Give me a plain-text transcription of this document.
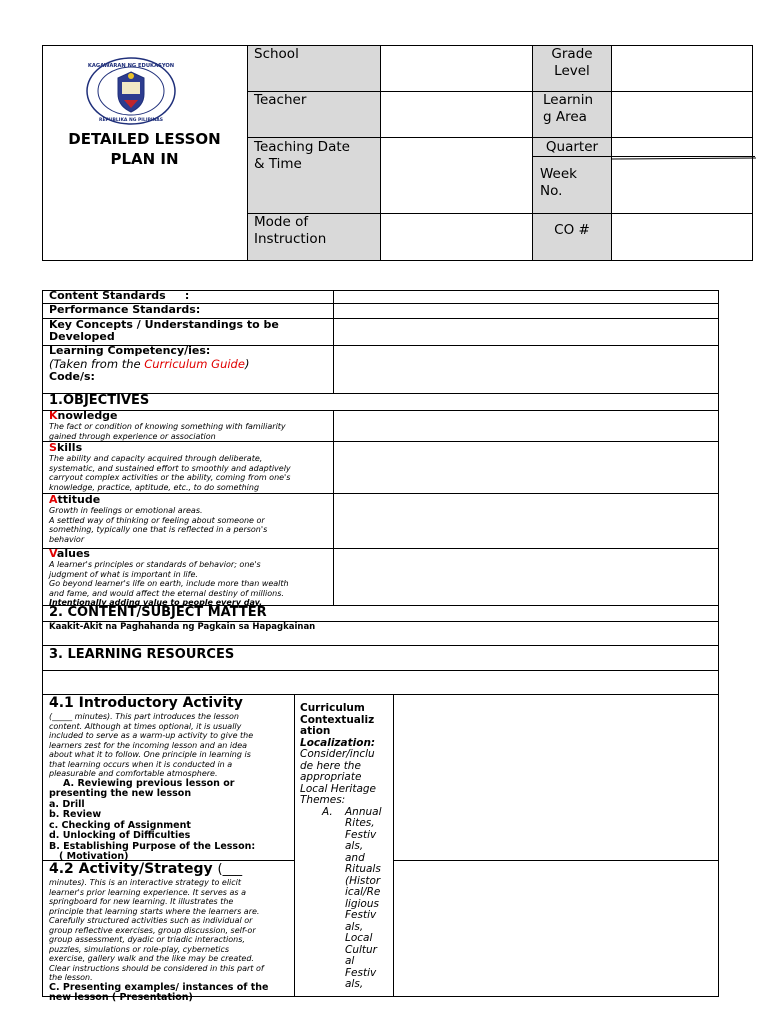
KAGAWARAN NG EDUKASYON
REPUBLIKA NG PILIPINAS
DETAILED LESSON
PLAN IN
School
Teacher
Teaching Date
& Time
Mode of
Instruction
Grade
Level
Learnin
g Area
Quarter
Week
No.
CO #
Content Standards     :
Performance Standards:
Key Concepts / Understandings to be
Developed
Learning Competency/ies:
(Taken from the Curriculum Guide)
Code/s:
1.OBJECTIVES
Knowledge
The fact or condition of knowing something with familiarity
gained through experience or association
Skills
The ability and capacity acquired through deliberate,
systematic, and sustained effort to smoothly and adaptively
carryout complex activities or the ability, coming from one's
knowledge, practice, aptitude, etc., to do something
Attitude
Growth in feelings or emotional areas.
A settled way of thinking or feeling about someone or
something, typically one that is reflected in a person's
behavior
Values
A learner's principles or standards of behavior; one's
judgment of what is important in life.
Go beyond learner's life on earth, include more than wealth
and fame, and would affect the eternal destiny of millions.
Intentionally adding value to people every day.
2. CONTENT/SUBJECT MATTER
Kaakit-Akit na Paghahanda ng Pagkain sa Hapagkainan
3. LEARNING RESOURCES
4.1 Introductory Activity
(_____ minutes). This part introduces the lesson
content. Although at times optional, it is usually
included to serve as a warm-up activity to give the
learners zest for the incoming lesson and an idea
about what it to follow. One principle in learning is
that learning occurs when it is conducted in a
pleasurable and comfortable atmosphere.
A. Reviewing previous lesson or
presenting the new lesson
a. Drill
b. Review
c. Checking of Assignment
d. Unlocking of Difficulties
B. Establishing Purpose of the Lesson:
( Motivation)
4.2 Activity/Strategy (___
minutes). This is an interactive strategy to elicit
learner's prior learning experience. It serves as a
springboard for new learning. It illustrates the
principle that learning starts where the learners are.
Carefully structured activities such as individual or
group reflective exercises, group discussion, self-or
group assessment, dyadic or triadic interactions,
puzzles, simulations or role-play, cybernetics
exercise, gallery walk and the like may be created.
Clear instructions should be considered in this part of
the lesson.
C. Presenting examples/ instances of the
new lesson ( Presentation)
Curriculum
Contextualiz
ation
Localization:
Consider/inclu
de here the
appropriate
Local Heritage
Themes:
A. Annual
Rites,
Festiv
als,
and
Rituals
(Histor
ical/Re
ligious
Festiv
als,
Local
Cultur
al
Festiv
als,
